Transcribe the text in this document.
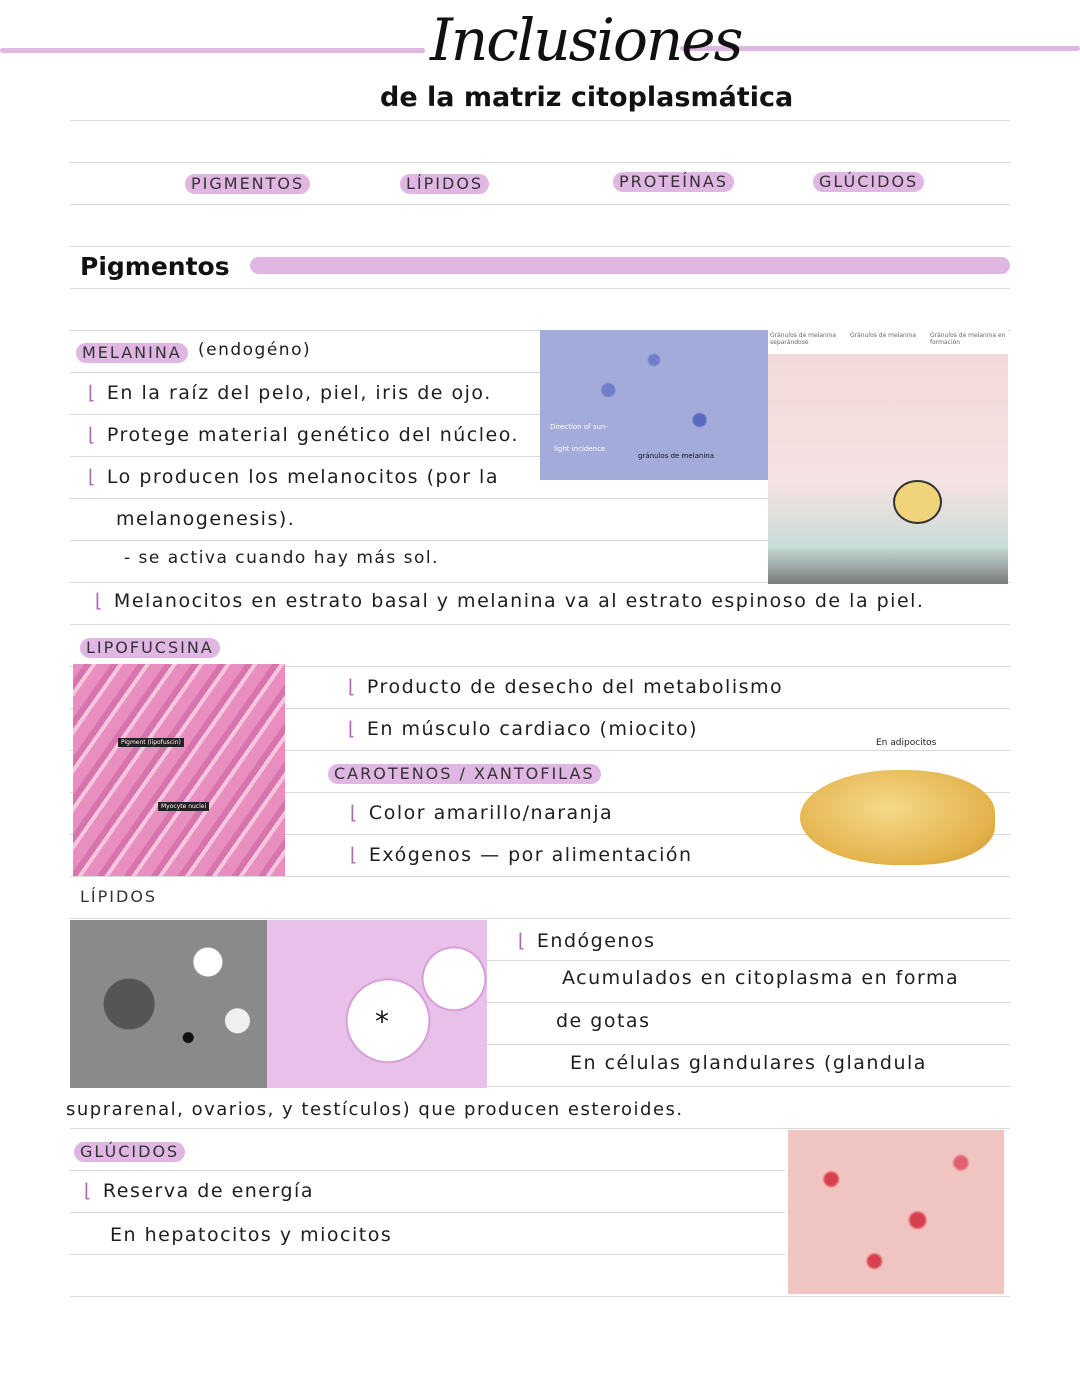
Inclusiones
de la matriz citoplasmática
PIGMENTOS	LÍPIDOS	PROTEÍNAS	GLÚCIDOS
Pigmentos
MELANINA (endogéno)
⌊ En la raíz del pelo, piel, iris de ojo.
⌊ Protege material genético del núcleo.
⌊ Lo producen los melanocitos (por la
melanogenesis).
- se activa cuando hay más sol.
⌊ Melanocitos en estrato basal y melanina va al estrato espinoso de la piel.
Direction of sun-
light incidence
gránulos de melanina
Gránulos de melanina separándose
Gránulos de melanina Gránulos de melanina en formación
LIPOFUCSINA
Pigment (lipofuscin)
Myocyte nuclei
⌊ Producto de desecho del metabolismo
⌊ En músculo cardiaco (miocito)
CAROTENOS / XANTOFILAS
⌊ Color amarillo/naranja
⌊ Exógenos — por alimentación
En adipocitos
LÍPIDOS
*
⌊ Endógenos
Acumulados en citoplasma en forma
de gotas
En células glandulares (glandula
suprarenal, ovarios, y testículos) que producen esteroides.
GLÚCIDOS
⌊ Reserva de energía
En hepatocitos y miocitos
